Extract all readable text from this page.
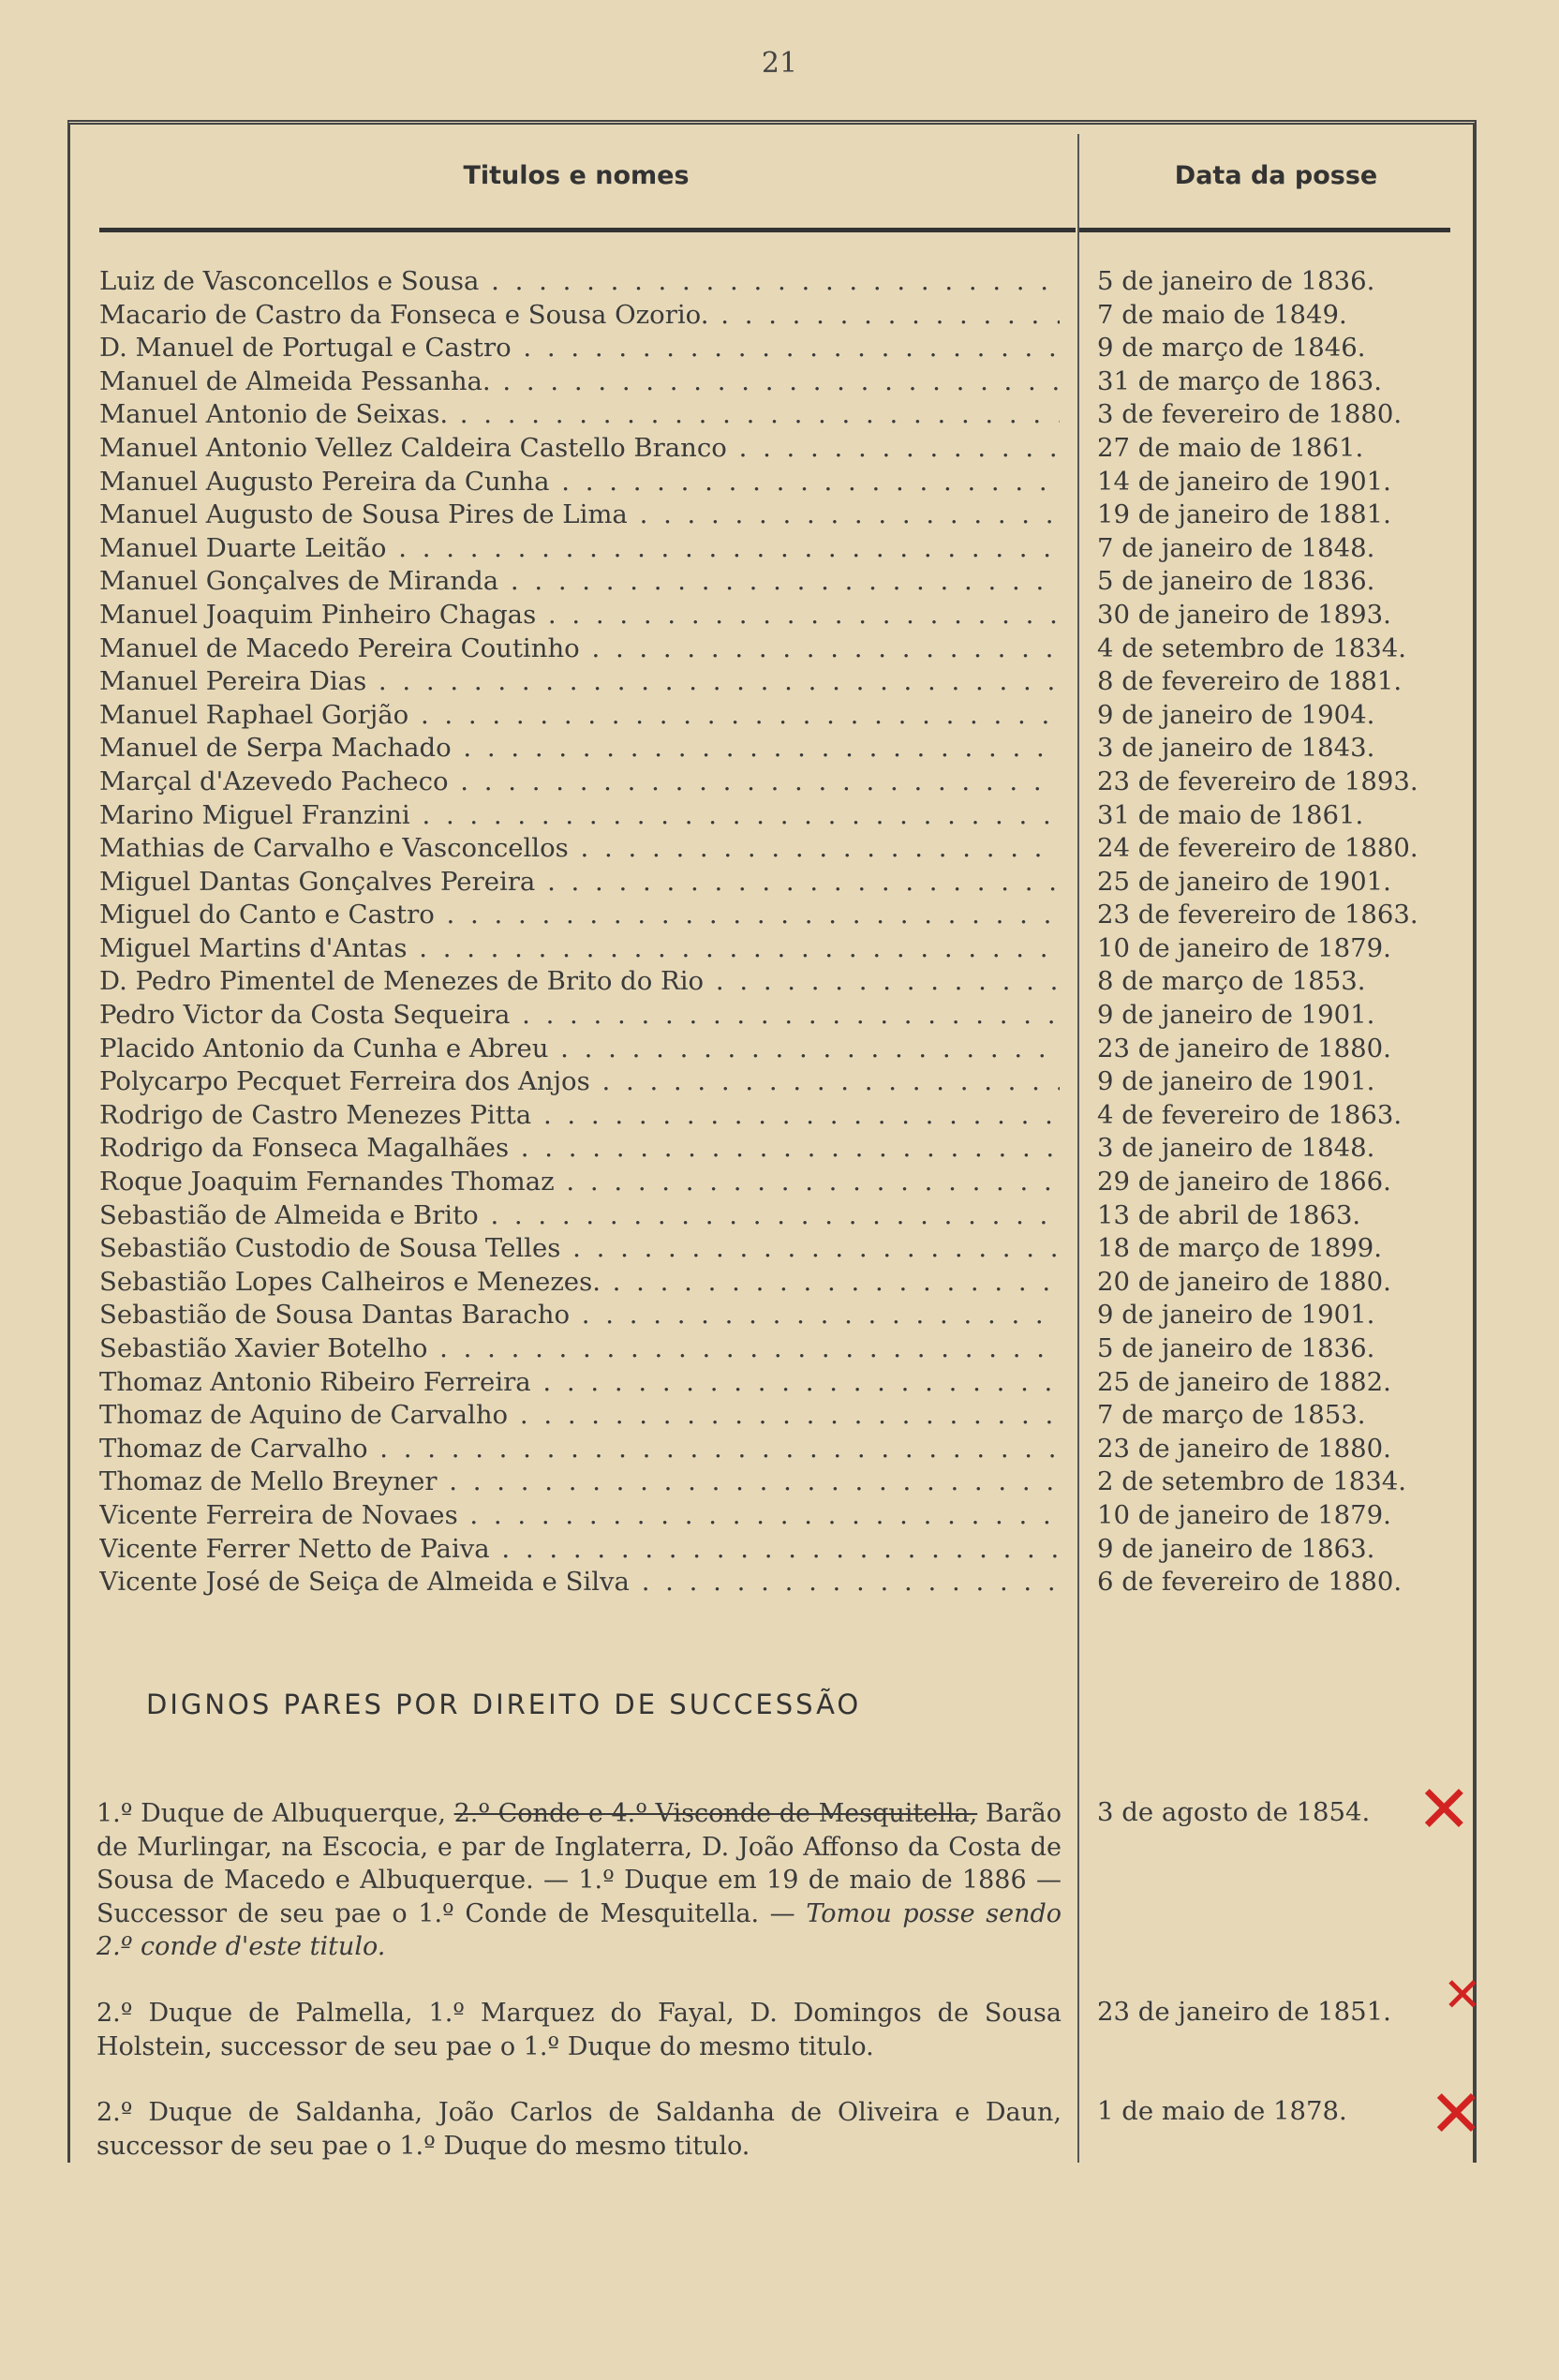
21
Titulos e nomes	Data da posse
Luiz de Vasconcellos e Sousa . . .	5 de janeiro de 1836.
Macario de Castro da Fonseca e Sousa Ozorio. . . .	7 de maio de 1849.
D. Manuel de Portugal e Castro . . .	9 de março de 1846.
Manuel de Almeida Pessanha. . . .	31 de março de 1863.
Manuel Antonio de Seixas. . . .	3 de fevereiro de 1880.
Manuel Antonio Vellez Caldeira Castello Branco . . .	27 de maio de 1861.
Manuel Augusto Pereira da Cunha . . .	14 de janeiro de 1901.
Manuel Augusto de Sousa Pires de Lima . . .	19 de janeiro de 1881.
Manuel Duarte Leitão . . .	7 de janeiro de 1848.
Manuel Gonçalves de Miranda . . .	5 de janeiro de 1836.
Manuel Joaquim Pinheiro Chagas . . .	30 de janeiro de 1893.
Manuel de Macedo Pereira Coutinho . . .	4 de setembro de 1834.
Manuel Pereira Dias . . .	8 de fevereiro de 1881.
Manuel Raphael Gorjão . . .	9 de janeiro de 1904.
Manuel de Serpa Machado . . .	3 de janeiro de 1843.
Marçal d'Azevedo Pacheco . . .	23 de fevereiro de 1893.
Marino Miguel Franzini . . .	31 de maio de 1861.
Mathias de Carvalho e Vasconcellos . . .	24 de fevereiro de 1880.
Miguel Dantas Gonçalves Pereira . . .	25 de janeiro de 1901.
Miguel do Canto e Castro . . .	23 de fevereiro de 1863.
Miguel Martins d'Antas . . .	10 de janeiro de 1879.
D. Pedro Pimentel de Menezes de Brito do Rio . . .	8 de março de 1853.
Pedro Victor da Costa Sequeira . . .	9 de janeiro de 1901.
Placido Antonio da Cunha e Abreu . . .	23 de janeiro de 1880.
Polycarpo Pecquet Ferreira dos Anjos . . .	9 de janeiro de 1901.
Rodrigo de Castro Menezes Pitta . . .	4 de fevereiro de 1863.
Rodrigo da Fonseca Magalhães . . .	3 de janeiro de 1848.
Roque Joaquim Fernandes Thomaz . . .	29 de janeiro de 1866.
Sebastião de Almeida e Brito . . .	13 de abril de 1863.
Sebastião Custodio de Sousa Telles . . .	18 de março de 1899.
Sebastião Lopes Calheiros e Menezes. . . .	20 de janeiro de 1880.
Sebastião de Sousa Dantas Baracho . . .	9 de janeiro de 1901.
Sebastião Xavier Botelho . . .	5 de janeiro de 1836.
Thomaz Antonio Ribeiro Ferreira . . .	25 de janeiro de 1882.
Thomaz de Aquino de Carvalho . . .	7 de março de 1853.
Thomaz de Carvalho . . .	23 de janeiro de 1880.
Thomaz de Mello Breyner . . .	2 de setembro de 1834.
Vicente Ferreira de Novaes . . .	10 de janeiro de 1879.
Vicente Ferrer Netto de Paiva . . .	9 de janeiro de 1863.
Vicente José de Seiça de Almeida e Silva . . .	6 de fevereiro de 1880.
DIGNOS PARES POR DIREITO DE SUCCESSÃO
1.º Duque de Albuquerque, 2.º Conde e 4.º Visconde de Mesquitella, Barão de Murlingar, na Escocia, e par de Inglaterra, D. João Affonso da Costa de Sousa de Macedo e Albuquerque. — 1.º Duque em 19 de maio de 1886 — Successor de seu pae o 1.º Conde de Mesquitella. — Tomou posse sendo 2.º conde d'este titulo.
3 de agosto de 1854.
2.º Duque de Palmella, 1.º Marquez do Fayal, D. Domingos de Sousa Holstein, successor de seu pae o 1.º Duque do mesmo titulo.
23 de janeiro de 1851.
2.º Duque de Saldanha, João Carlos de Saldanha de Oliveira e Daun, successor de seu pae o 1.º Duque do mesmo titulo.
1 de maio de 1878.
✕
✕
✕
